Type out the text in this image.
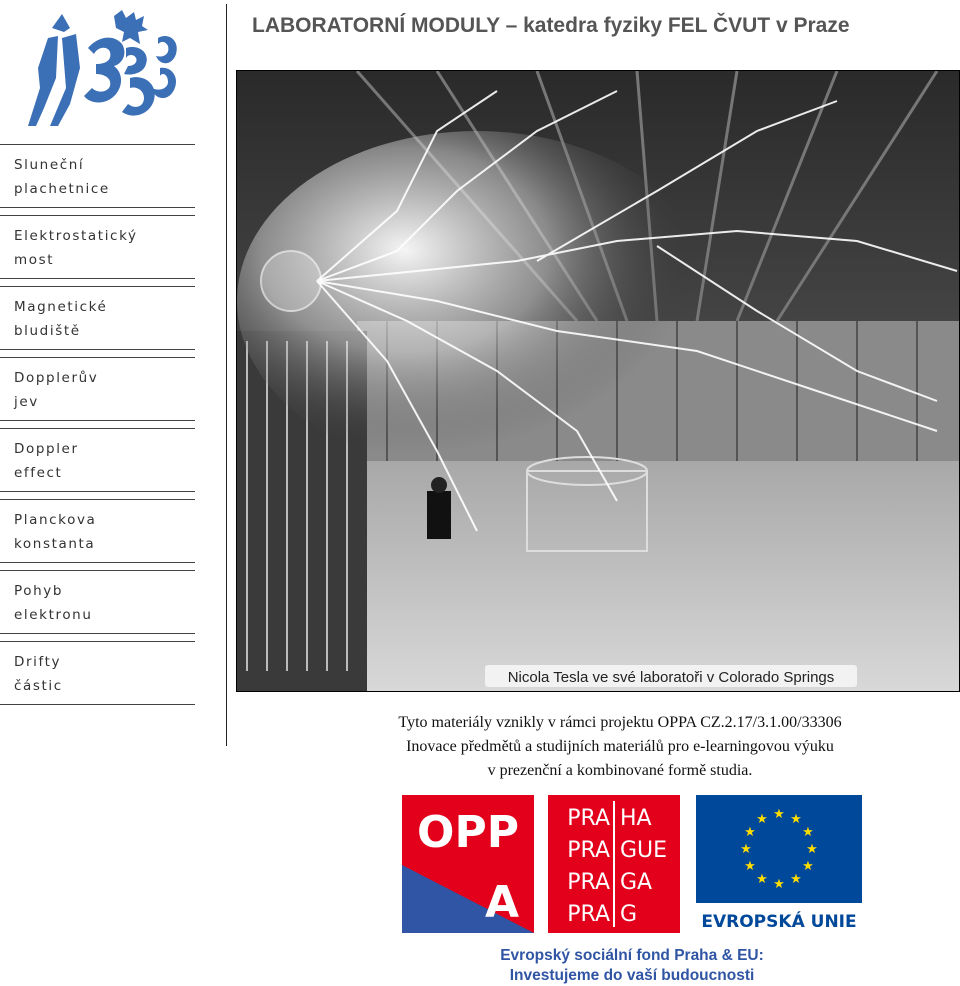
Sluneční
plachetnice
Elektrostatický
most
Magnetické
bludiště
Dopplerův
jev
Doppler
effect
Planckova
konstanta
Pohyb
elektronu
Drifty
částic
LABORATORNÍ MODULY – katedra fyziky FEL ČVUT v Praze
Nicola Tesla ve své laboratoři v Colorado Springs
Tyto materiály vznikly v rámci projektu OPPA CZ.2.17/3.1.00/33306
Inovace předmětů a studijních materiálů pro e-learningovou výuku
v prezenční a kombinované formě studia.
OPP
A
PRA
PRA
PRA
PRA
HA
GUE
GA
G
★ ★
★
★
★
★
★
★
★
★
★
★
EVROPSKÁ UNIE
Evropský sociální fond Praha & EU:
Investujeme do vaší budoucnosti
